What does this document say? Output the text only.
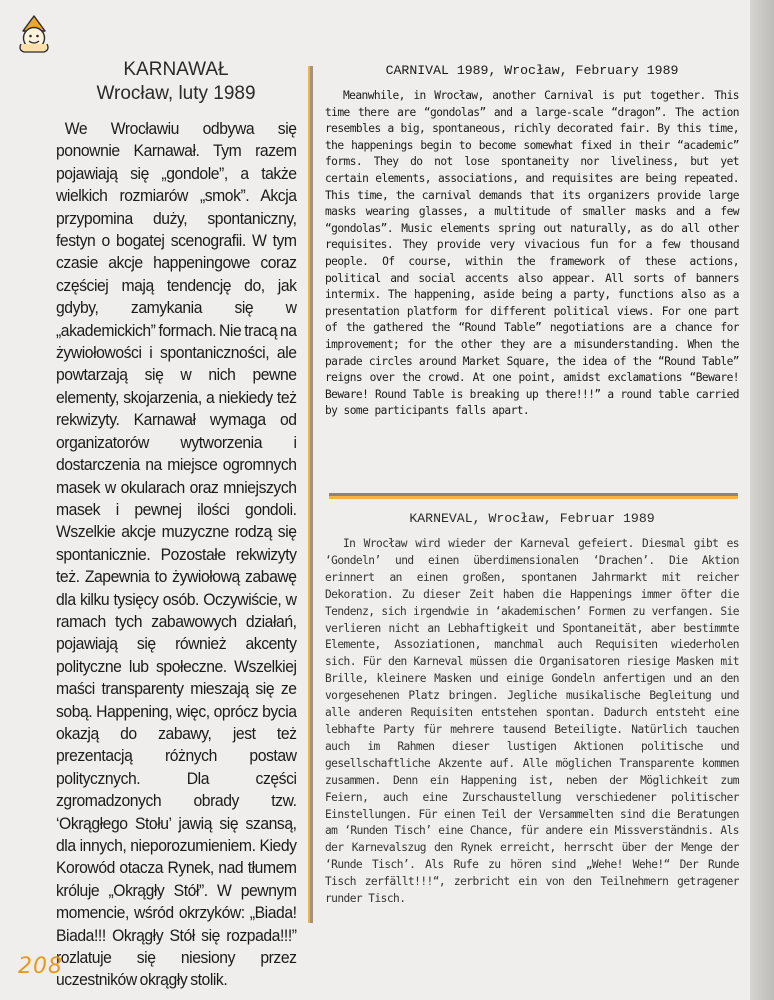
KARNAWAŁ
Wrocław, luty 1989

We Wrocławiu odbywa się ponownie Karnawał. Tym razem pojawiają się „gondole”, a także wielkich rozmiarów „smok”. Akcja przypomina duży, spontaniczny, festyn o bogatej scenografii. W tym czasie akcje happeningowe coraz częściej mają tendencję do, jak gdyby, zamykania się w „akademickich” formach. Nie tracą na żywiołowości i spontaniczności, ale powtarzają się w nich pewne elementy, skojarzenia, a niekiedy też rekwizyty. Karnawał wymaga od organizatorów wytworzenia i dostarczenia na miejsce ogromnych masek w okularach oraz mniejszych masek i pewnej ilości gondoli. Wszelkie akcje muzyczne rodzą się spontanicznie. Pozostałe rekwizyty też. Zapewnia to żywiołową zabawę dla kilku tysięcy osób. Oczywiście, w ramach tych zabawowych działań, pojawiają się również akcenty polityczne lub społeczne. Wszelkiej maści transparenty mieszają się ze sobą. Happening, więc, oprócz bycia okazją do zabawy, jest też prezentacją różnych postaw politycznych. Dla części zgromadzonych obrady tzw. ‘Okrągłego Stołu’ jawią się szansą, dla innych, nieporozumieniem. Kiedy Korowód otacza Rynek, nad tłumem króluje „Okrągły Stół”. W pewnym momencie, wśród okrzyków: „Biada! Biada!!! Okrągły Stół się rozpada!!!” rozlatuje się niesiony przez uczestników okrągły stolik.

CARNIVAL 1989, Wrocław, February 1989

Meanwhile, in Wrocław, another Carnival is put together. This time there are “gondolas” and a large-scale “dragon”. The action resembles a big, spontaneous, richly decorated fair. By this time, the happenings begin to become somewhat fixed in their “academic” forms. They do not lose spontaneity nor liveliness, but yet certain elements, associations, and requisites are being repeated. This time, the carnival demands that its organizers provide large masks wearing glasses, a multitude of smaller masks and a few “gondolas”. Music elements spring out naturally, as do all other requisites. They provide very vivacious fun for a few thousand people. Of course, within the framework of these actions, political and social accents also appear. All sorts of banners intermix. The happening, aside being a party, functions also as a presentation platform for different political views. For one part of the gathered the “Round Table” negotiations are a chance for improvement; for the other they are a misunderstanding. When the parade circles around Market Square, the idea of the “Round Table” reigns over the crowd. At one point, amidst exclamations “Beware! Beware! Round Table is breaking up there!!!” a round table carried by some participants falls apart.

KARNEVAL, Wrocław, Februar 1989

In Wrocław wird wieder der Karneval gefeiert. Diesmal gibt es ‘Gondeln’ und einen überdimensionalen ‘Drachen’. Die Aktion erinnert an einen großen, spontanen Jahrmarkt mit reicher Dekoration. Zu dieser Zeit haben die Happenings immer öfter die Tendenz, sich irgendwie in ‘akademischen’ Formen zu verfangen. Sie verlieren nicht an Lebhaftigkeit und Spontaneität, aber bestimmte Elemente, Assoziationen, manchmal auch Requisiten wiederholen sich. Für den Karneval müssen die Organisatoren riesige Masken mit Brille, kleinere Masken und einige Gondeln anfertigen und an den vorgesehenen Platz bringen. Jegliche musikalische Begleitung und alle anderen Requisiten entstehen spontan. Dadurch entsteht eine lebhafte Party für mehrere tausend Beteiligte. Natürlich tauchen auch im Rahmen dieser lustigen Aktionen politische und gesellschaftliche Akzente auf. Alle möglichen Transparente kommen zusammen. Denn ein Happening ist, neben der Möglichkeit zum Feiern, auch eine Zurschaustellung verschiedener politischer Einstellungen. Für einen Teil der Versammelten sind die Beratungen am ‘Runden Tisch’ eine Chance, für andere ein Missverständnis. Als der Karnevalszug den Rynek erreicht, herrscht über der Menge der ‘Runde Tisch’. Als Rufe zu hören sind „Wehe! Wehe!“ Der Runde Tisch zerfällt!!!“, zerbricht ein von den Teilnehmern getragener runder Tisch.

208
